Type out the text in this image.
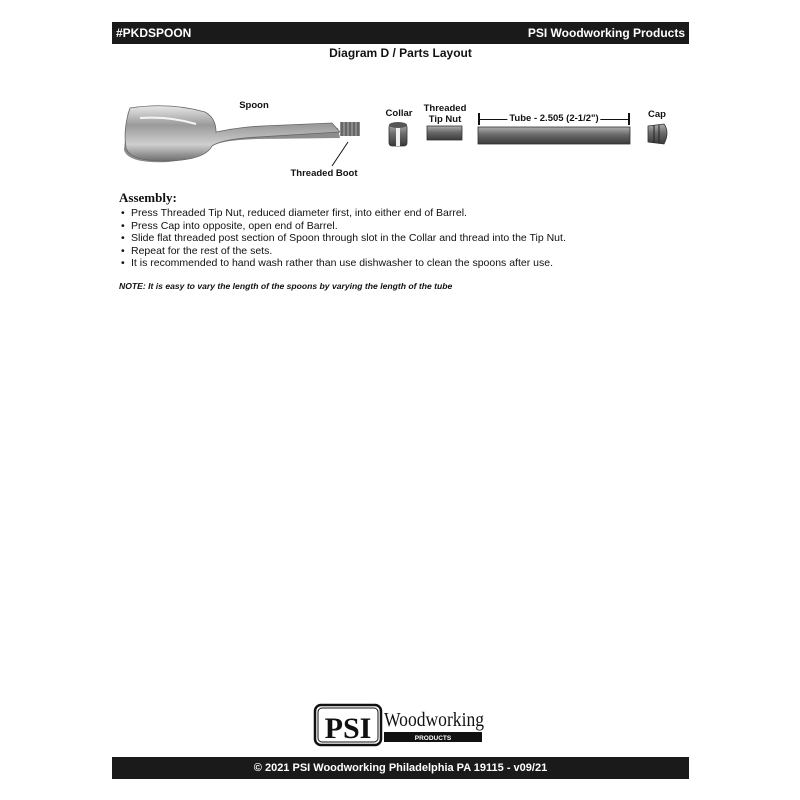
#PKDSPOON	PSI Woodworking Products
Diagram D / Parts Layout
Spoon
Threaded Boot
Collar	Threaded
Tip Nut	Tube - 2.505 (2-1/2")	Cap
Assembly:
• Press Threaded Tip Nut, reduced diameter first, into either end of Barrel.
• Press Cap into opposite, open end of Barrel.
• Slide flat threaded post section of Spoon through slot in the Collar and thread into the Tip Nut.
• Repeat for the rest of the sets.
• It is recommended to hand wash rather than use dishwasher to clean the spoons after use.
NOTE: It is easy to vary the length of the spoons by varying the length of the tube
PSI Woodworking
PRODUCTS
© 2021 PSI Woodworking Philadelphia PA 19115 - v09/21
